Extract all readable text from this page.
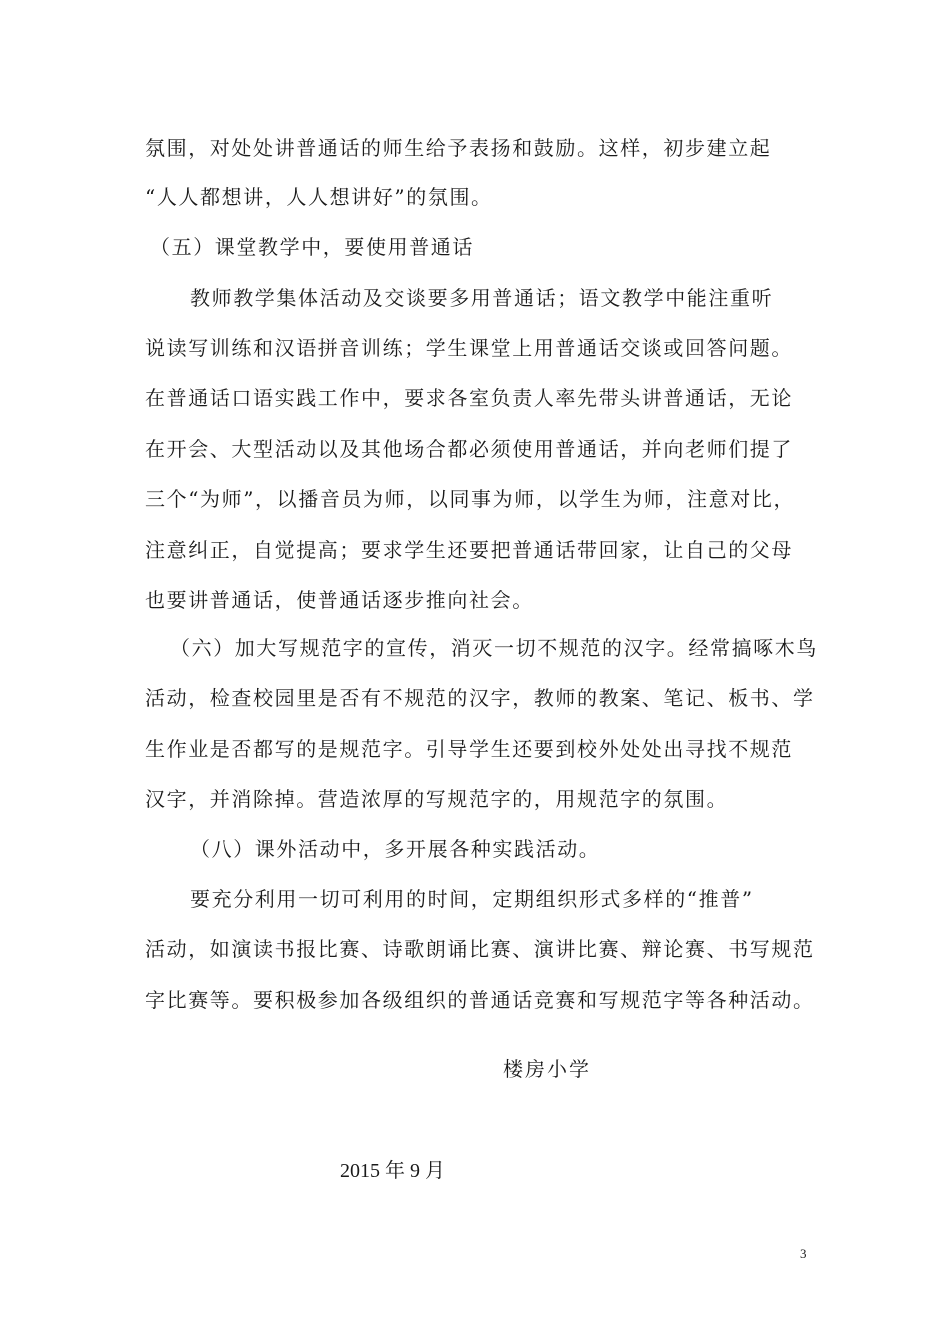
氛围，对处处讲普通话的师生给予表扬和鼓励。这样，初步建立起
“人人都想讲，人人想讲好”的氛围。
（五）课堂教学中，要使用普通话
教师教学集体活动及交谈要多用普通话；语文教学中能注重听
说读写训练和汉语拼音训练；学生课堂上用普通话交谈或回答问题。
在普通话口语实践工作中，要求各室负责人率先带头讲普通话，无论
在开会、大型活动以及其他场合都必须使用普通话，并向老师们提了
三个“为师”，以播音员为师，以同事为师，以学生为师，注意对比，
注意纠正，自觉提高；要求学生还要把普通话带回家，让自己的父母
也要讲普通话，使普通话逐步推向社会。
（六）加大写规范字的宣传，消灭一切不规范的汉字。经常搞啄木鸟
活动，检查校园里是否有不规范的汉字，教师的教案、笔记、板书、学
生作业是否都写的是规范字。引导学生还要到校外处处出寻找不规范
汉字，并消除掉。营造浓厚的写规范字的，用规范字的氛围。
（八）课外活动中，多开展各种实践活动。
要充分利用一切可利用的时间，定期组织形式多样的“推普”
活动，如演读书报比赛、诗歌朗诵比赛、演讲比赛、辩论赛、书写规范
字比赛等。要积极参加各级组织的普通话竞赛和写规范字等各种活动。
楼房小学
2015 年 9 月
3
